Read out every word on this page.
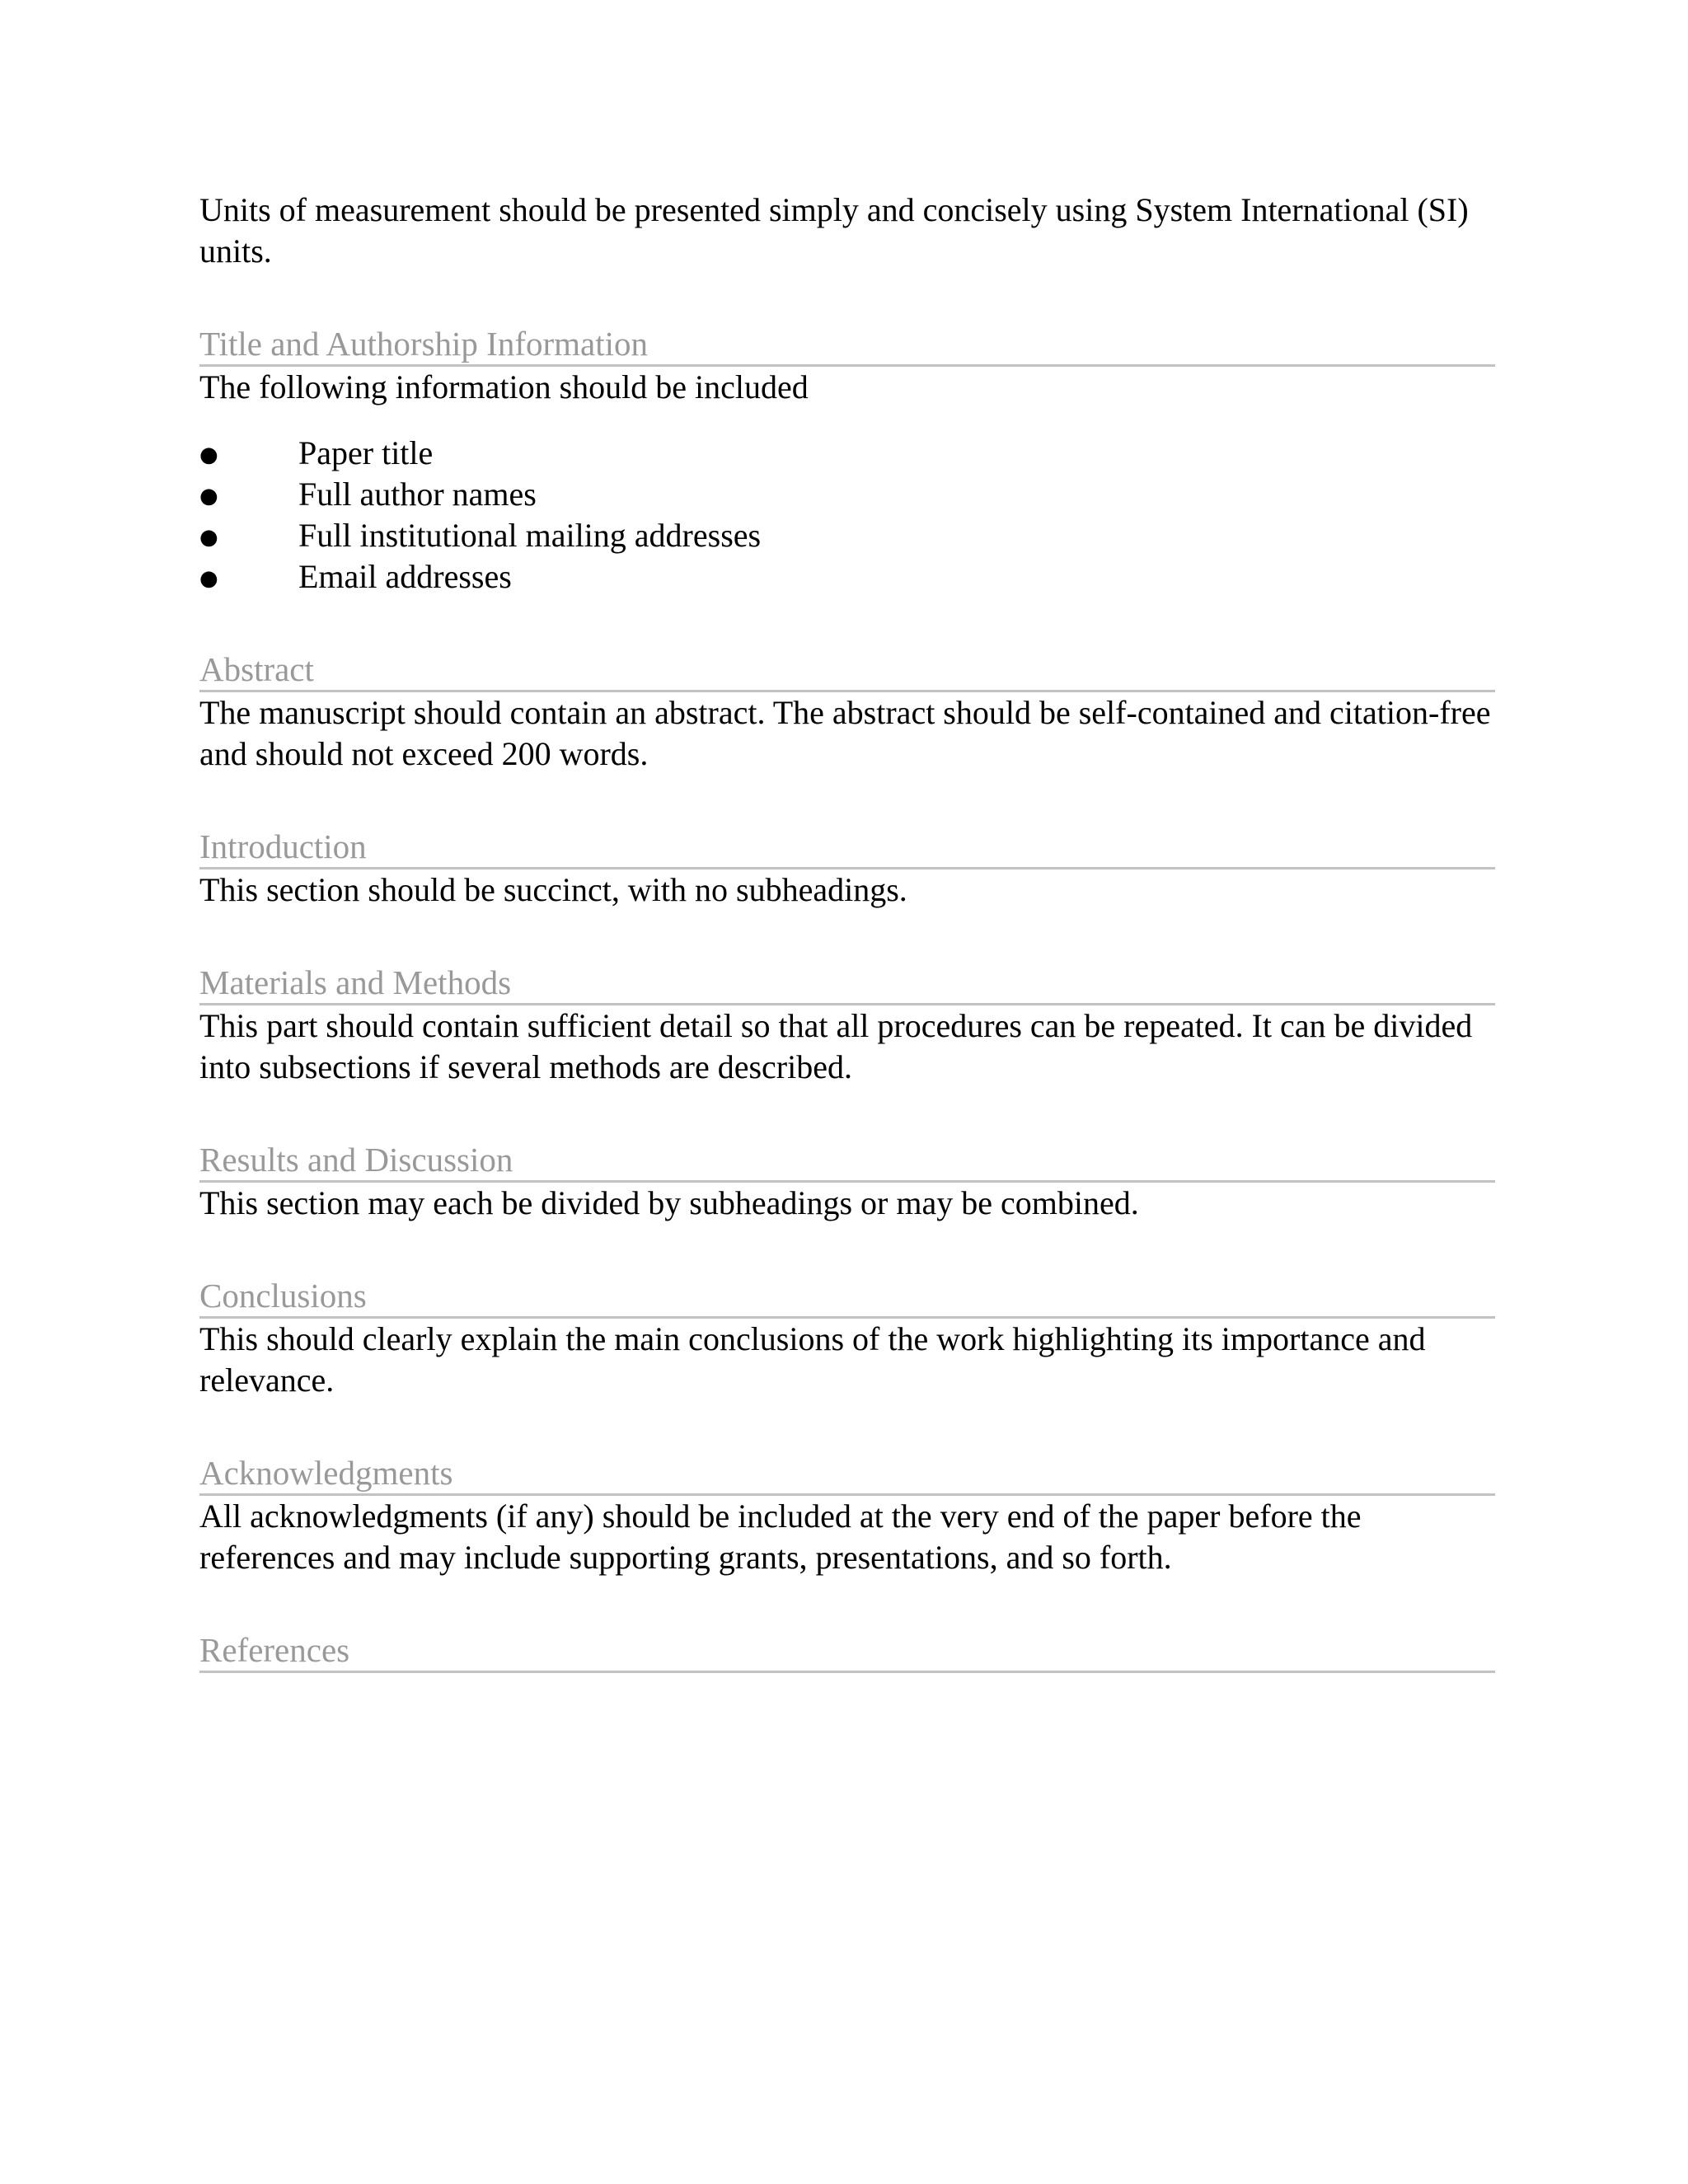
Units of measurement should be presented simply and concisely using System International (SI) units.

Title and Authorship Information

The following information should be included

● Paper title
● Full author names
● Full institutional mailing addresses
● Email addresses
Abstract

The manuscript should contain an abstract. The abstract should be self-contained and citation-free and should not exceed 200 words.

Introduction

This section should be succinct, with no subheadings.

Materials and Methods

This part should contain sufficient detail so that all procedures can be repeated. It can be divided into subsections if several methods are described.

Results and Discussion

This section may each be divided by subheadings or may be combined.

Conclusions

This should clearly explain the main conclusions of the work highlighting its importance and relevance.

Acknowledgments

All acknowledgments (if any) should be included at the very end of the paper before the references and may include supporting grants, presentations, and so forth.

References
